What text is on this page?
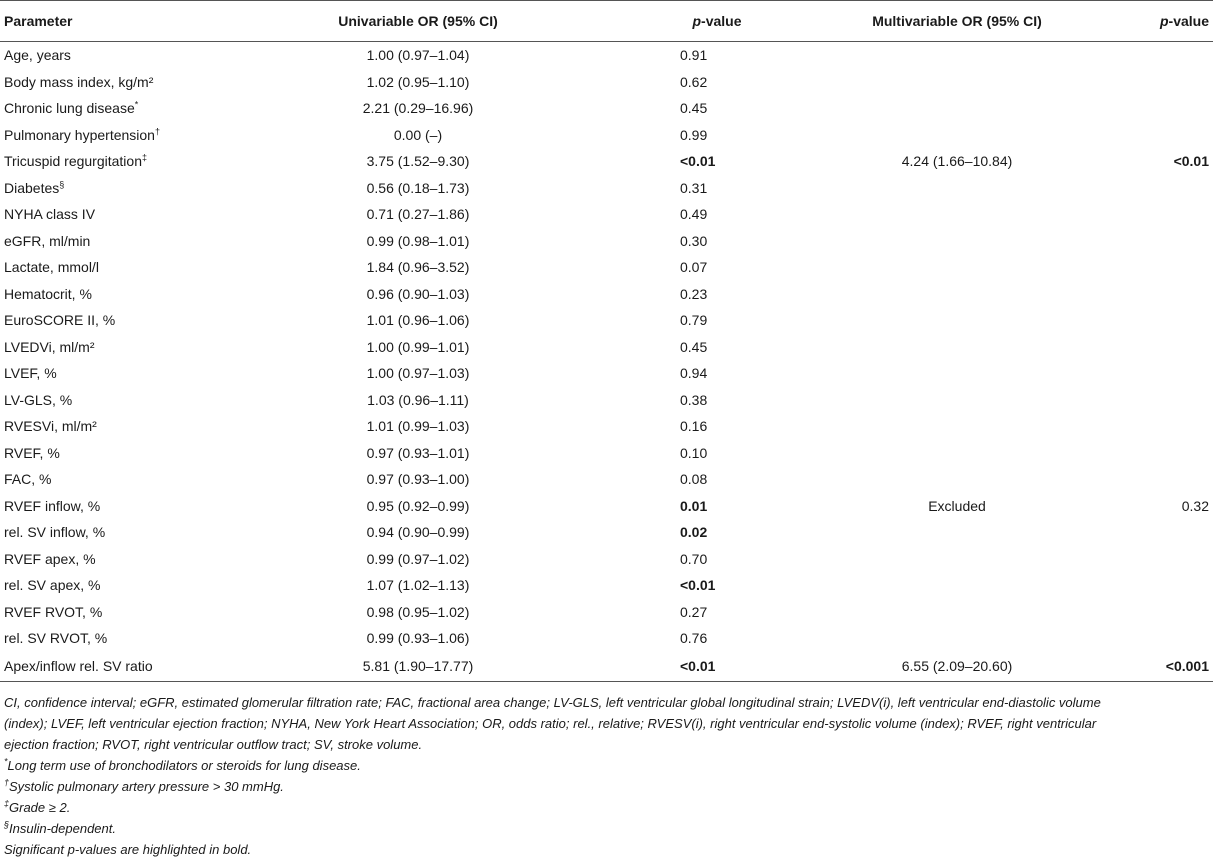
Parameter	Univariable OR (95% CI)	p-value	Multivariable OR (95% CI)	p-value
Age, years	1.00 (0.97–1.04)	0.91		
Body mass index, kg/m²	1.02 (0.95–1.10)	0.62		
Chronic lung disease*	2.21 (0.29–16.96)	0.45		
Pulmonary hypertension†	0.00 (–)	0.99		
Tricuspid regurgitation‡	3.75 (1.52–9.30)	<0.01	4.24 (1.66–10.84)	<0.01
Diabetes§	0.56 (0.18–1.73)	0.31		
NYHA class IV	0.71 (0.27–1.86)	0.49		
eGFR, ml/min	0.99 (0.98–1.01)	0.30		
Lactate, mmol/l	1.84 (0.96–3.52)	0.07		
Hematocrit, %	0.96 (0.90–1.03)	0.23		
EuroSCORE II, %	1.01 (0.96–1.06)	0.79		
LVEDVi, ml/m²	1.00 (0.99–1.01)	0.45		
LVEF, %	1.00 (0.97–1.03)	0.94		
LV-GLS, %	1.03 (0.96–1.11)	0.38		
RVESVi, ml/m²	1.01 (0.99–1.03)	0.16		
RVEF, %	0.97 (0.93–1.01)	0.10		
FAC, %	0.97 (0.93–1.00)	0.08		
RVEF inflow, %	0.95 (0.92–0.99)	0.01	Excluded	0.32
rel. SV inflow, %	0.94 (0.90–0.99)	0.02		
RVEF apex, %	0.99 (0.97–1.02)	0.70		
rel. SV apex, %	1.07 (1.02–1.13)	<0.01		
RVEF RVOT, %	0.98 (0.95–1.02)	0.27		
rel. SV RVOT, %	0.99 (0.93–1.06)	0.76		
Apex/inflow rel. SV ratio	5.81 (1.90–17.77)	<0.01	6.55 (2.09–20.60)	<0.001

CI, confidence interval; eGFR, estimated glomerular filtration rate; FAC, fractional area change; LV-GLS, left ventricular global longitudinal strain; LVEDV(i), left ventricular end-diastolic volume (index); LVEF, left ventricular ejection fraction; NYHA, New York Heart Association; OR, odds ratio; rel., relative; RVESV(i), right ventricular end-systolic volume (index); RVEF, right ventricular ejection fraction; RVOT, right ventricular outflow tract; SV, stroke volume.

*Long term use of bronchodilators or steroids for lung disease.

†Systolic pulmonary artery pressure > 30 mmHg.

‡Grade ≥ 2.

§Insulin-dependent.

Significant p-values are highlighted in bold.
